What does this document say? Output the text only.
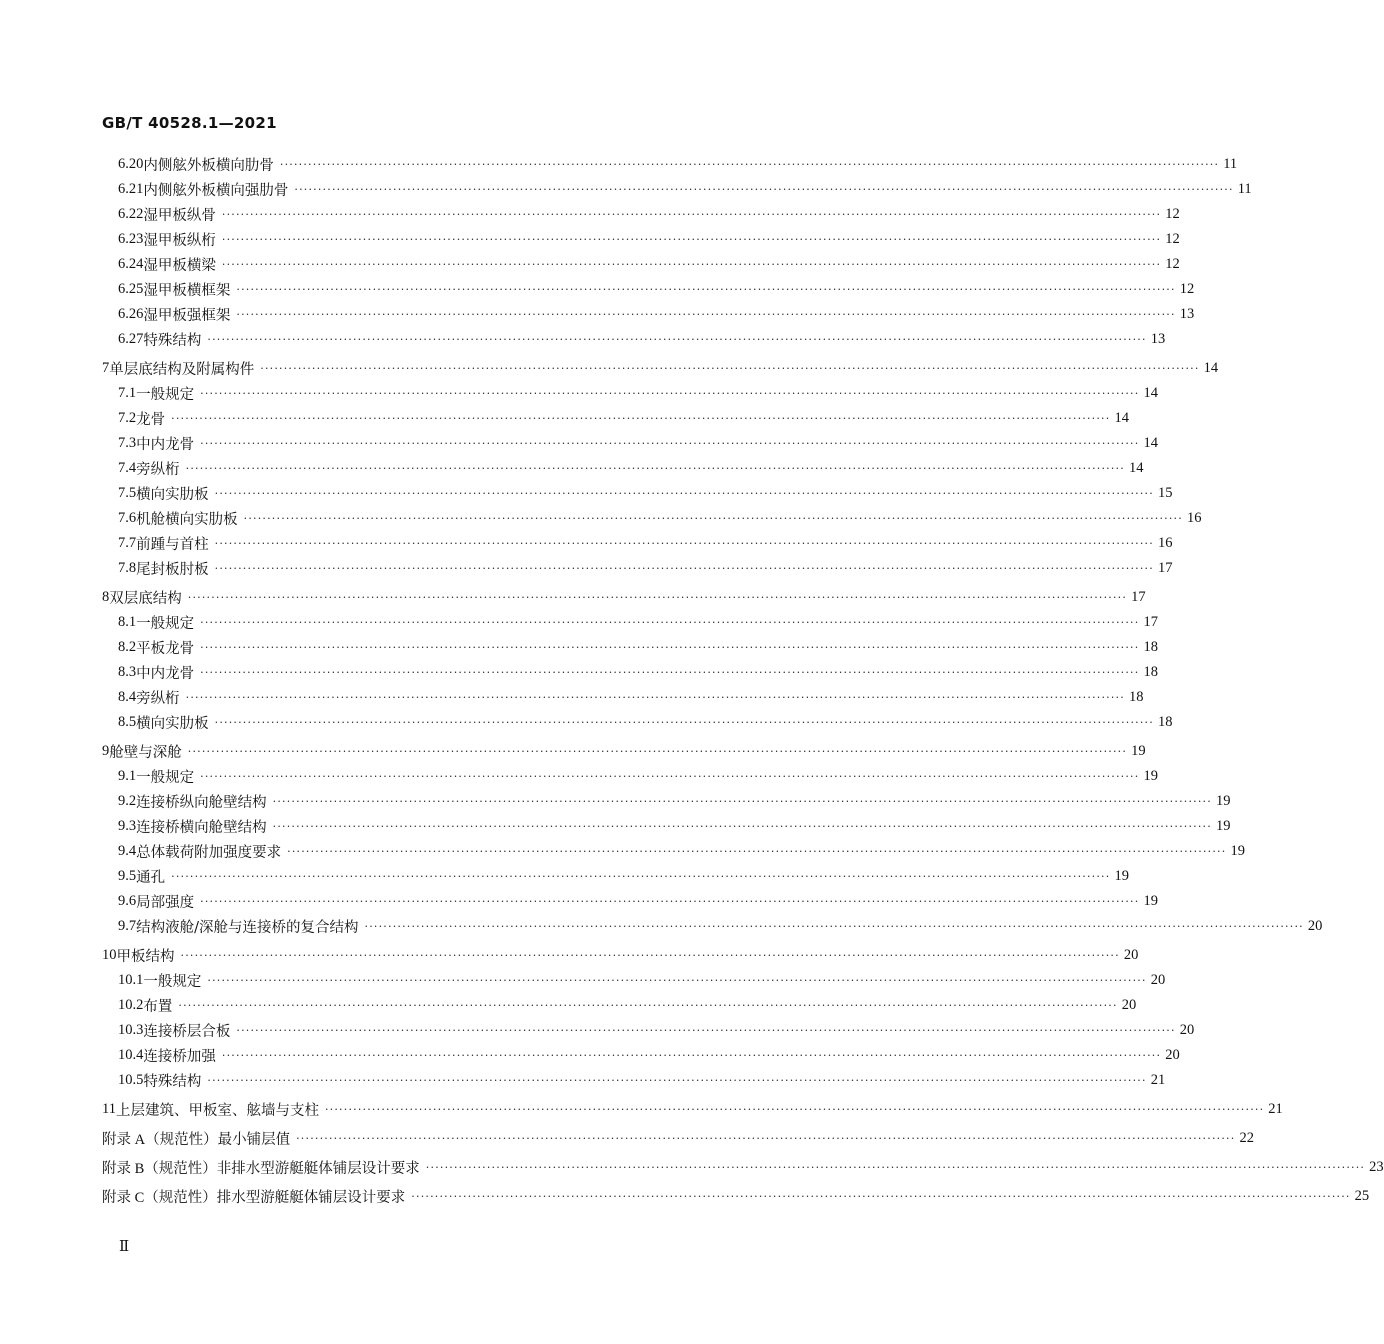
GB/T 40528.1—2021
6.20 内侧舷外板横向肋骨 ········································································································································································································ 11
6.21 内侧舷外板横向强肋骨 ········································································································································································································ 11
6.22 湿甲板纵骨 ········································································································································································································ 12
6.23 湿甲板纵桁 ········································································································································································································ 12
6.24 湿甲板横梁 ········································································································································································································ 12
6.25 湿甲板横框架 ········································································································································································································ 12
6.26 湿甲板强框架 ········································································································································································································ 13
6.27 特殊结构 ········································································································································································································ 13
7 单层底结构及附属构件 ········································································································································································································ 14
7.1 一般规定 ········································································································································································································ 14
7.2 龙骨 ········································································································································································································ 14
7.3 中内龙骨 ········································································································································································································ 14
7.4 旁纵桁 ········································································································································································································ 14
7.5 横向实肋板 ········································································································································································································ 15
7.6 机舱横向实肋板 ········································································································································································································ 16
7.7 前踵与首柱 ········································································································································································································ 16
7.8 尾封板肘板 ········································································································································································································ 17
8 双层底结构 ········································································································································································································ 17
8.1 一般规定 ········································································································································································································ 17
8.2 平板龙骨 ········································································································································································································ 18
8.3 中内龙骨 ········································································································································································································ 18
8.4 旁纵桁 ········································································································································································································ 18
8.5 横向实肋板 ········································································································································································································ 18
9 舱壁与深舱 ········································································································································································································ 19
9.1 一般规定 ········································································································································································································ 19
9.2 连接桥纵向舱壁结构 ········································································································································································································ 19
9.3 连接桥横向舱壁结构 ········································································································································································································ 19
9.4 总体载荷附加强度要求 ········································································································································································································ 19
9.5 通孔 ········································································································································································································ 19
9.6 局部强度 ········································································································································································································ 19
9.7 结构液舱/深舱与连接桥的复合结构 ········································································································································································································ 20
10 甲板结构 ········································································································································································································ 20
10.1 一般规定 ········································································································································································································ 20
10.2 布置 ········································································································································································································ 20
10.3 连接桥层合板 ········································································································································································································ 20
10.4 连接桥加强 ········································································································································································································ 20
10.5 特殊结构 ········································································································································································································ 21
11 上层建筑、甲板室、舷墙与支柱 ········································································································································································································ 21
附录 A（规范性） 最小铺层值 ········································································································································································································ 22
附录 B（规范性） 非排水型游艇艇体铺层设计要求 ········································································································································································································ 23
附录 C（规范性） 排水型游艇艇体铺层设计要求 ········································································································································································································ 25
Ⅱ
